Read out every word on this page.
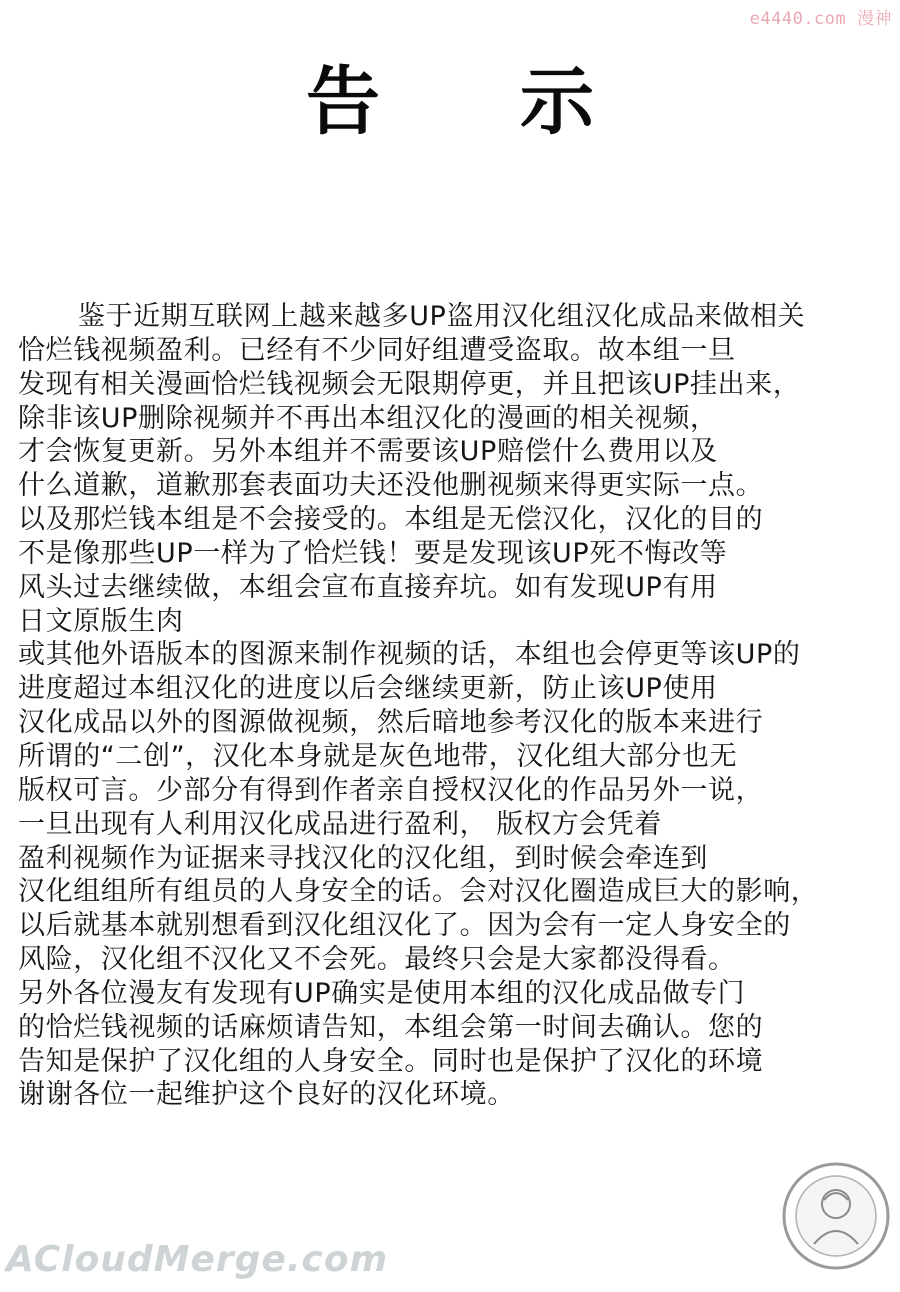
e4440.com 漫神
告示
鉴于近期互联网上越来越多UP盗用汉化组汉化成品来做相关
恰烂钱视频盈利。已经有不少同好组遭受盗取。故本组一旦
发现有相关漫画恰烂钱视频会无限期停更，并且把该UP挂出来，
除非该UP删除视频并不再出本组汉化的漫画的相关视频，
才会恢复更新。另外本组并不需要该UP赔偿什么费用以及
什么道歉，道歉那套表面功夫还没他删视频来得更实际一点。
以及那烂钱本组是不会接受的。本组是无偿汉化，汉化的目的
不是像那些UP一样为了恰烂钱！要是发现该UP死不悔改等
风头过去继续做，本组会宣布直接弃坑。如有发现UP有用
日文原版生肉
或其他外语版本的图源来制作视频的话，本组也会停更等该UP的
进度超过本组汉化的进度以后会继续更新，防止该UP使用
汉化成品以外的图源做视频，然后暗地参考汉化的版本来进行
所谓的“二创”，汉化本身就是灰色地带，汉化组大部分也无
版权可言。少部分有得到作者亲自授权汉化的作品另外一说，
一旦出现有人利用汉化成品进行盈利， 版权方会凭着
盈利视频作为证据来寻找汉化的汉化组，到时候会牵连到
汉化组组所有组员的人身安全的话。会对汉化圈造成巨大的影响，
以后就基本就别想看到汉化组汉化了。因为会有一定人身安全的
风险，汉化组不汉化又不会死。最终只会是大家都没得看。
另外各位漫友有发现有UP确实是使用本组的汉化成品做专门
的恰烂钱视频的话麻烦请告知，本组会第一时间去确认。您的
告知是保护了汉化组的人身安全。同时也是保护了汉化的环境
谢谢各位一起维护这个良好的汉化环境。
ACloudMerge.com
